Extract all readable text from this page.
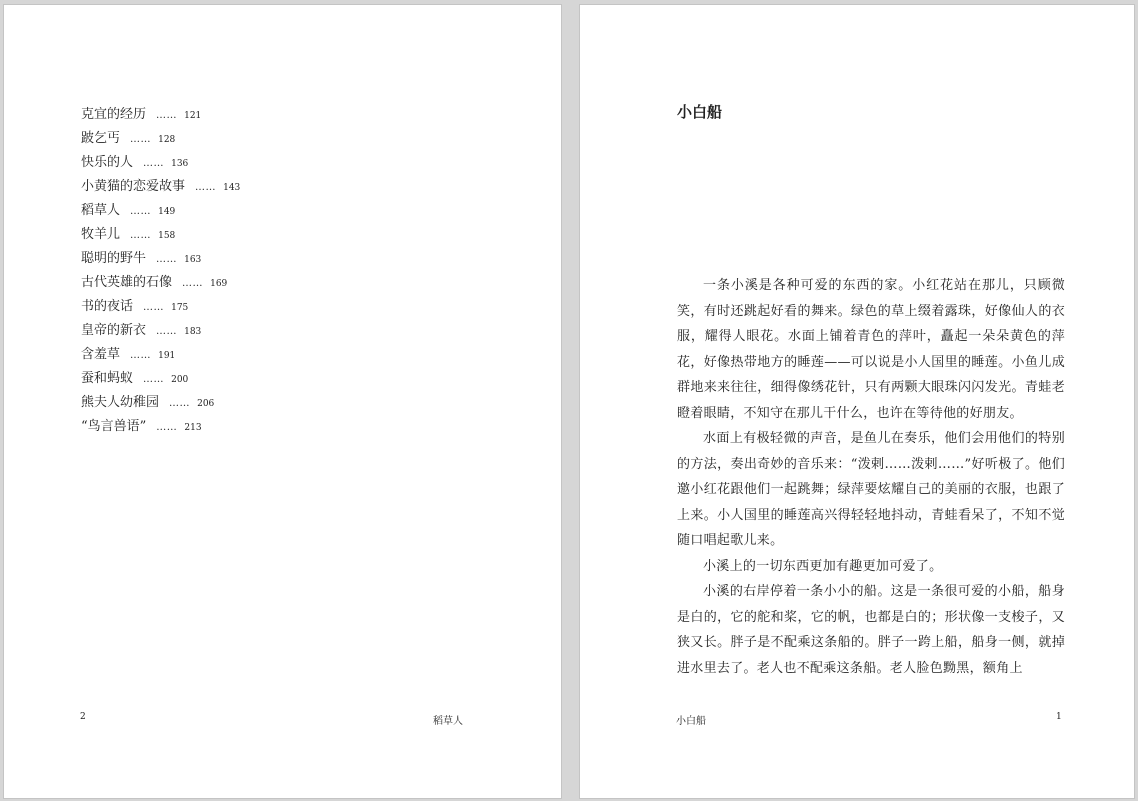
克宜的经历 …… 121
跛乞丐 …… 128
快乐的人 …… 136
小黄猫的恋爱故事 …… 143
稻草人 …… 149
牧羊儿 …… 158
聪明的野牛 …… 163
古代英雄的石像 …… 169
书的夜话 …… 175
皇帝的新衣 …… 183
含羞草 …… 191
蚕和蚂蚁 …… 200
熊夫人幼稚园 …… 206
“鸟言兽语” …… 213
2	稻草人
小白船

一条小溪是各种可爱的东西的家。小红花站在那儿，只顾微笑，有时还跳起好看的舞来。绿色的草上缀着露珠，好像仙人的衣服，耀得人眼花。水面上铺着青色的萍叶，矗起一朵朵黄色的萍花，好像热带地方的睡莲——可以说是小人国里的睡莲。小鱼儿成群地来来往往，细得像绣花针，只有两颗大眼珠闪闪发光。青蛙老瞪着眼睛，不知守在那儿干什么，也许在等待他的好朋友。

水面上有极轻微的声音，是鱼儿在奏乐，他们会用他们的特别的方法，奏出奇妙的音乐来：“泼剌……泼剌……”好听极了。他们邀小红花跟他们一起跳舞；绿萍要炫耀自己的美丽的衣服，也跟了上来。小人国里的睡莲高兴得轻轻地抖动，青蛙看呆了，不知不觉随口唱起歌儿来。

小溪上的一切东西更加有趣更加可爱了。

小溪的右岸停着一条小小的船。这是一条很可爱的小船，船身是白的，它的舵和桨，它的帆，也都是白的；形状像一支梭子，又狭又长。胖子是不配乘这条船的。胖子一跨上船，船身一侧，就掉进水里去了。老人也不配乘这条船。老人脸色黝黑，额角上

小白船	1
